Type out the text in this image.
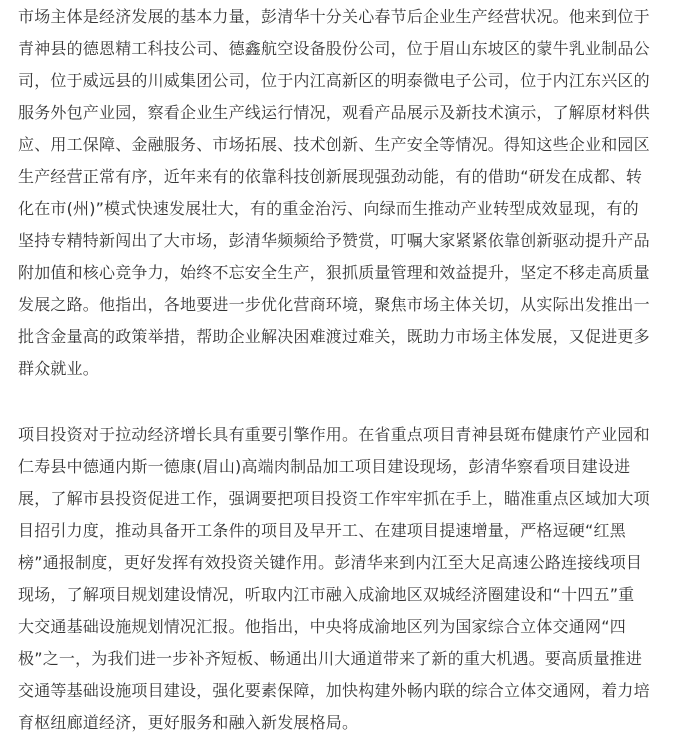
市场主体是经济发展的基本力量，彭清华十分关心春节后企业生产经营状况。他来到位于
青神县的德恩精工科技公司、德鑫航空设备股份公司，位于眉山东坡区的蒙牛乳业制品公
司，位于威远县的川威集团公司，位于内江高新区的明泰微电子公司，位于内江东兴区的
服务外包产业园，察看企业生产线运行情况，观看产品展示及新技术演示，了解原材料供
应、用工保障、金融服务、市场拓展、技术创新、生产安全等情况。得知这些企业和园区
生产经营正常有序，近年来有的依靠科技创新展现强劲动能，有的借助“研发在成都、转
化在市(州)”模式快速发展壮大，有的重金治污、向绿而生推动产业转型成效显现，有的
坚持专精特新闯出了大市场，彭清华频频给予赞赏，叮嘱大家紧紧依靠创新驱动提升产品
附加值和核心竞争力，始终不忘安全生产，狠抓质量管理和效益提升，坚定不移走高质量
发展之路。他指出，各地要进一步优化营商环境，聚焦市场主体关切，从实际出发推出一
批含金量高的政策举措，帮助企业解决困难渡过难关，既助力市场主体发展，又促进更多
群众就业。

项目投资对于拉动经济增长具有重要引擎作用。在省重点项目青神县斑布健康竹产业园和
仁寿县中德通内斯一德康(眉山)高端肉制品加工项目建设现场，彭清华察看项目建设进
展，了解市县投资促进工作，强调要把项目投资工作牢牢抓在手上，瞄准重点区域加大项
目招引力度，推动具备开工条件的项目及早开工、在建项目提速增量，严格逗硬“红黑
榜”通报制度，更好发挥有效投资关键作用。彭清华来到内江至大足高速公路连接线项目
现场，了解项目规划建设情况，听取内江市融入成渝地区双城经济圈建设和“十四五”重
大交通基础设施规划情况汇报。他指出，中央将成渝地区列为国家综合立体交通网“四
极”之一，为我们进一步补齐短板、畅通出川大通道带来了新的重大机遇。要高质量推进
交通等基础设施项目建设，强化要素保障，加快构建外畅内联的综合立体交通网，着力培
育枢纽廊道经济，更好服务和融入新发展格局。
